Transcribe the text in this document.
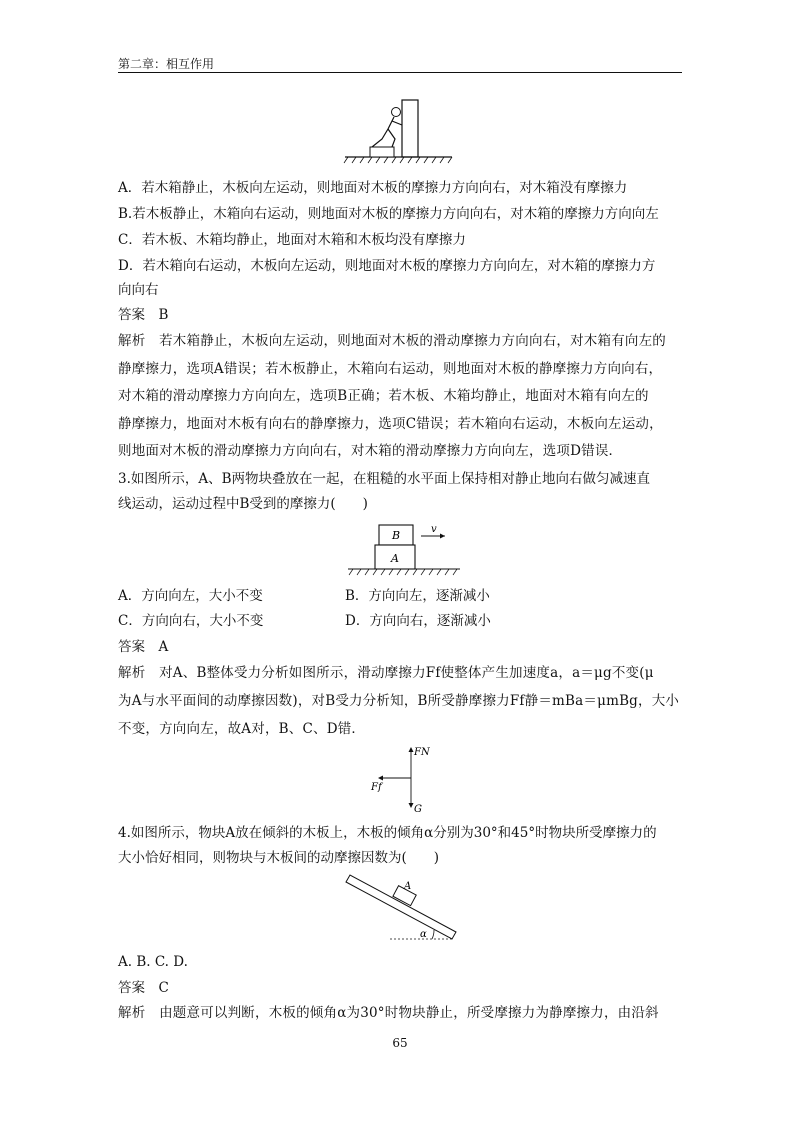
第二章：相互作用
A．若木箱静止，木板向左运动，则地面对木板的摩擦力方向向右，对木箱没有摩擦力
B.若木板静止，木箱向右运动，则地面对木板的摩擦力方向向右，对木箱的摩擦力方向向左
C．若木板、木箱均静止，地面对木箱和木板均没有摩擦力
D．若木箱向右运动，木板向左运动，则地面对木板的摩擦力方向向左，对木箱的摩擦力方
向向右
答案　B
解析　若木箱静止，木板向左运动，则地面对木板的滑动摩擦力方向向右，对木箱有向左的
静摩擦力，选项A错误；若木板静止，木箱向右运动，则地面对木板的静摩擦力方向向右，
对木箱的滑动摩擦力方向向左，选项B正确；若木板、木箱均静止，地面对木箱有向左的
静摩擦力，地面对木板有向右的静摩擦力，选项C错误；若木箱向右运动，木板向左运动，
则地面对木板的滑动摩擦力方向向右，对木箱的滑动摩擦力方向向左，选项D错误．
3.如图所示，A、B两物块叠放在一起，在粗糙的水平面上保持相对静止地向右做匀减速直
线运动，运动过程中B受到的摩擦力(　　)
B
A
v
A．方向向左，大小不变	B．方向向左，逐渐减小
C．方向向右，大小不变	D．方向向右，逐渐减小
答案　A
解析　对A、B整体受力分析如图所示，滑动摩擦力Ff使整体产生加速度a，a＝μg不变(μ
为A与水平面间的动摩擦因数)，对B受力分析知，B所受静摩擦力Ff静＝mBa＝μmBg，大小
不变，方向向左，故A对，B、C、D错．
FN
Ff
G
4.如图所示，物块A放在倾斜的木板上，木板的倾角α分别为30°和45°时物块所受摩擦力的
大小恰好相同，则物块与木板间的动摩擦因数为(　　)
A
α
A. B. C. D.
答案　C
解析　由题意可以判断，木板的倾角α为30°时物块静止，所受摩擦力为静摩擦力，由沿斜
65
